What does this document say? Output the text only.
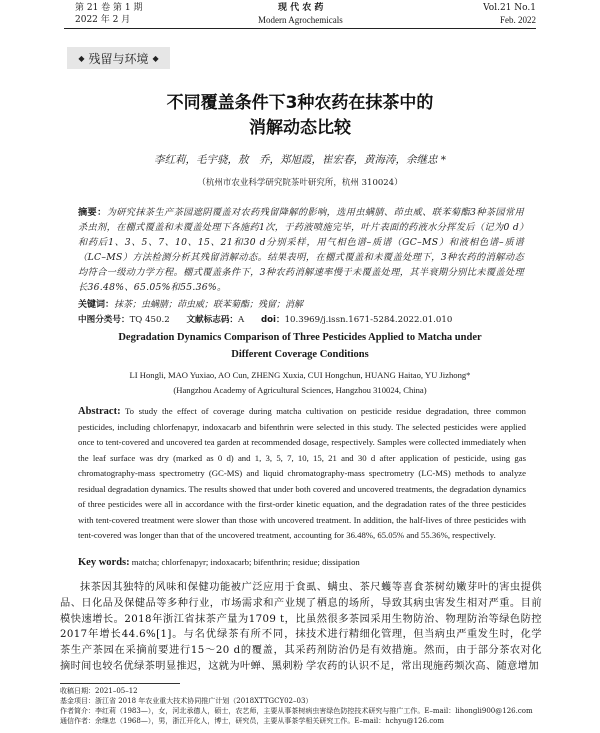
第 21 卷 第 1 期	现 代 农 药	Vol.21 No.1
2022 年 2 月	Modern Agrochemicals	Feb. 2022
◆ 残留与环境 ◆
不同覆盖条件下3种农药在抹茶中的
消解动态比较
李红莉，毛宇骁，敖　乔，郑旭霞，崔宏春，黄海涛，余继忠 *
（杭州市农业科学研究院茶叶研究所，杭州 310024）
摘要：为研究抹茶生产茶园遮阴覆盖对农药残留降解的影响，选用虫螨腈、茚虫威、联苯菊酯3种茶园常用杀虫剂，在棚式覆盖和未覆盖处理下各施药1次，于药液喷施完毕，叶片表面的药液水分挥发后（记为0 d）和药后1、3、5、7、10、15、21和30 d分别采样，用气相色谱–质谱（GC–MS）和液相色谱–质谱（LC–MS）方法检测分析其残留消解动态。结果表明，在棚式覆盖和未覆盖处理下，3种农药的消解动态均符合一级动力学方程。棚式覆盖条件下，3种农药消解速率慢于未覆盖处理，其半衰期分别比未覆盖处理长36.48%、65.05%和55.36%。
关键词：抹茶；虫螨腈；茚虫威；联苯菊酯；残留；消解
中图分类号：TQ 450.2 文献标志码：A doi：10.3969/j.issn.1671-5284.2022.01.010
Degradation Dynamics Comparison of Three Pesticides Applied to Matcha under
Different Coverage Conditions
LI Hongli, MAO Yuxiao, AO Cun, ZHENG Xuxia, CUI Hongchun, HUANG Haitao, YU Jizhong*
(Hangzhou Academy of Agricultural Sciences, Hangzhou 310024, China)
Abstract: To study the effect of coverage during matcha cultivation on pesticide residue degradation, three common pesticides, including chlorfenapyr, indoxacarb and bifenthrin were selected in this study. The selected pesticides were applied once to tent-covered and uncovered tea garden at recommended dosage, respectively. Samples were collected immediately when the leaf surface was dry (marked as 0 d) and 1, 3, 5, 7, 10, 15, 21 and 30 d after application of pesticide, using gas chromatography-mass spectrometry (GC-MS) and liquid chromatography-mass spectrometry (LC-MS) methods to analyze residual degradation dynamics. The results showed that under both covered and uncovered treatments, the degradation dynamics of three pesticides were all in accordance with the first-order kinetic equation, and the degradation rates of the three pesticides with tent-covered treatment were slower than those with uncovered treatment. In addition, the half-lives of three pesticides with tent-covered was longer than that of the uncovered treatment, accounting for 36.48%, 65.05% and 55.36%, respectively.
Key words: matcha; chlorfenapyr; indoxacarb; bifenthrin; residue; dissipation
抹茶因其独特的风味和保健功能被广泛应用于食品、日化品及保健品等多种行业，市场需求和产业规模快速增长。2018年浙江省抹茶产量为1709 t，比2017年增长44.6%[1]。与名优绿茶有所不同，抹茶生产茶园在采摘前要进行15～20 d的覆盖，其采摘时间也较名优绿茶明显推迟，这就为叶蝉、黑刺粉
虱、螨虫、茶尺蠖等喜食茶树幼嫩芽叶的害虫提供了栖息的场所，导致其病虫害发生相对严重。目前虽然很多茶园采用生物防治、物理防治等绿色防控技术进行精细化管理，但当病虫严重发生时，化学药剂防治仍是有效措施。然而，由于部分茶农对化学农药的认识不足，常出现施药频次高、随意增加
收稿日期：2021–05–12
基金项目：浙江省 2018 年农业重大技术协同推广计划（2018XTTGCY02–03）
作者简介：李红莉（1983—），女，河北承德人，硕士，农艺师，主要从事茶树病虫害绿色防控技术研究与推广工作。E–mail：lihongli900@126.com
通信作者：余继忠（1968—），男，浙江开化人，博士，研究员，主要从事茶学相关研究工作。E–mail：hchyu@126.com
